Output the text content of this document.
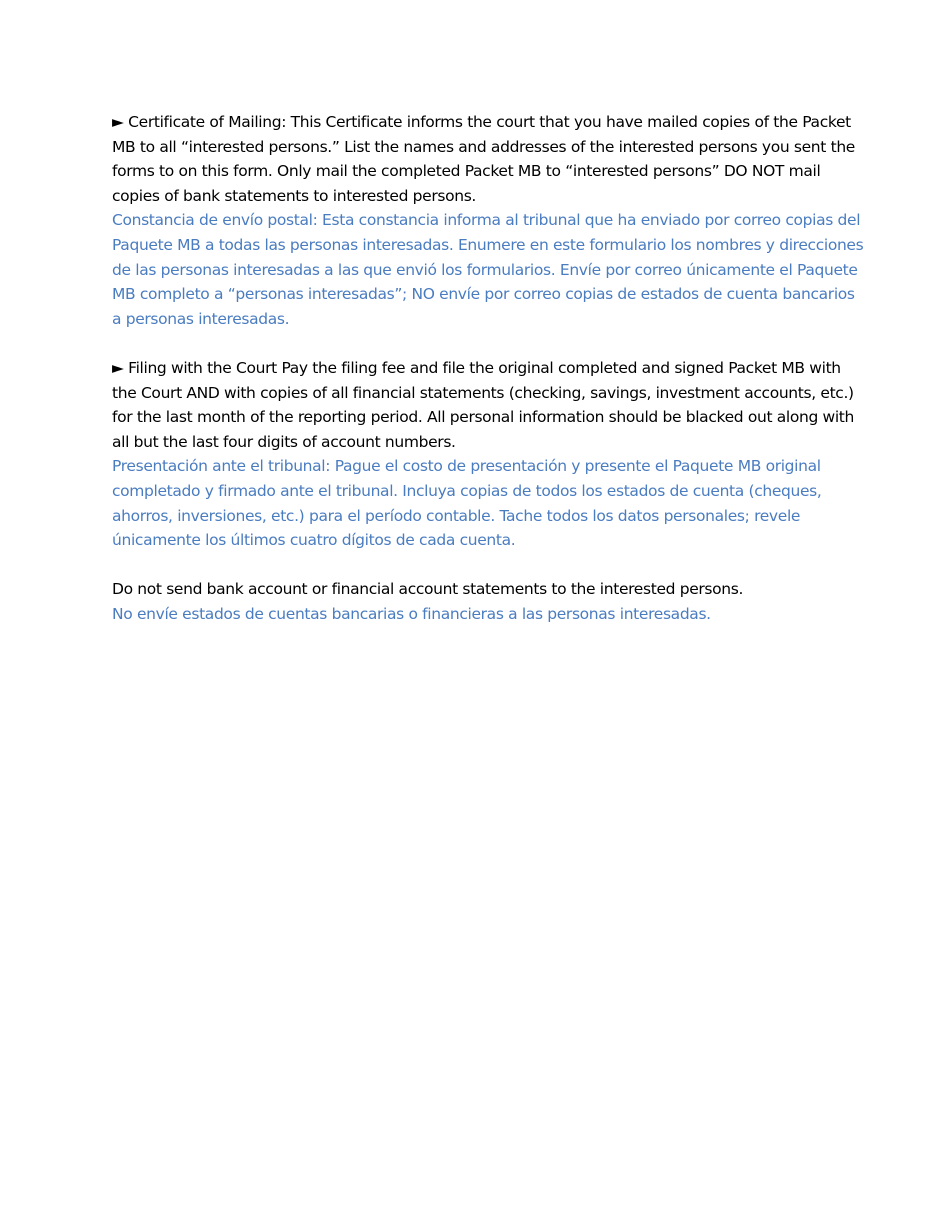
► Certificate of Mailing: This Certificate informs the court that you have mailed copies of the Packet MB to all “interested persons.” List the names and addresses of the interested persons you sent the forms to on this form. Only mail the completed Packet MB to “interested persons” DO NOT mail copies of bank statements to interested persons.

Constancia de envío postal: Esta constancia informa al tribunal que ha enviado por correo copias del Paquete MB a todas las personas interesadas. Enumere en este formulario los nombres y direcciones de las personas interesadas a las que envió los formularios. Envíe por correo únicamente el Paquete MB completo a “personas interesadas”; NO envíe por correo copias de estados de cuenta bancarios a personas interesadas.

► Filing with the Court Pay the filing fee and file the original completed and signed Packet MB with the Court AND with copies of all financial statements (checking, savings, investment accounts, etc.) for the last month of the reporting period. All personal information should be blacked out along with all but the last four digits of account numbers.

Presentación ante el tribunal: Pague el costo de presentación y presente el Paquete MB original completado y firmado ante el tribunal. Incluya copias de todos los estados de cuenta (cheques, ahorros, inversiones, etc.) para el período contable. Tache todos los datos personales; revele únicamente los últimos cuatro dígitos de cada cuenta.

Do not send bank account or financial account statements to the interested persons.

No envíe estados de cuentas bancarias o financieras a las personas interesadas.
